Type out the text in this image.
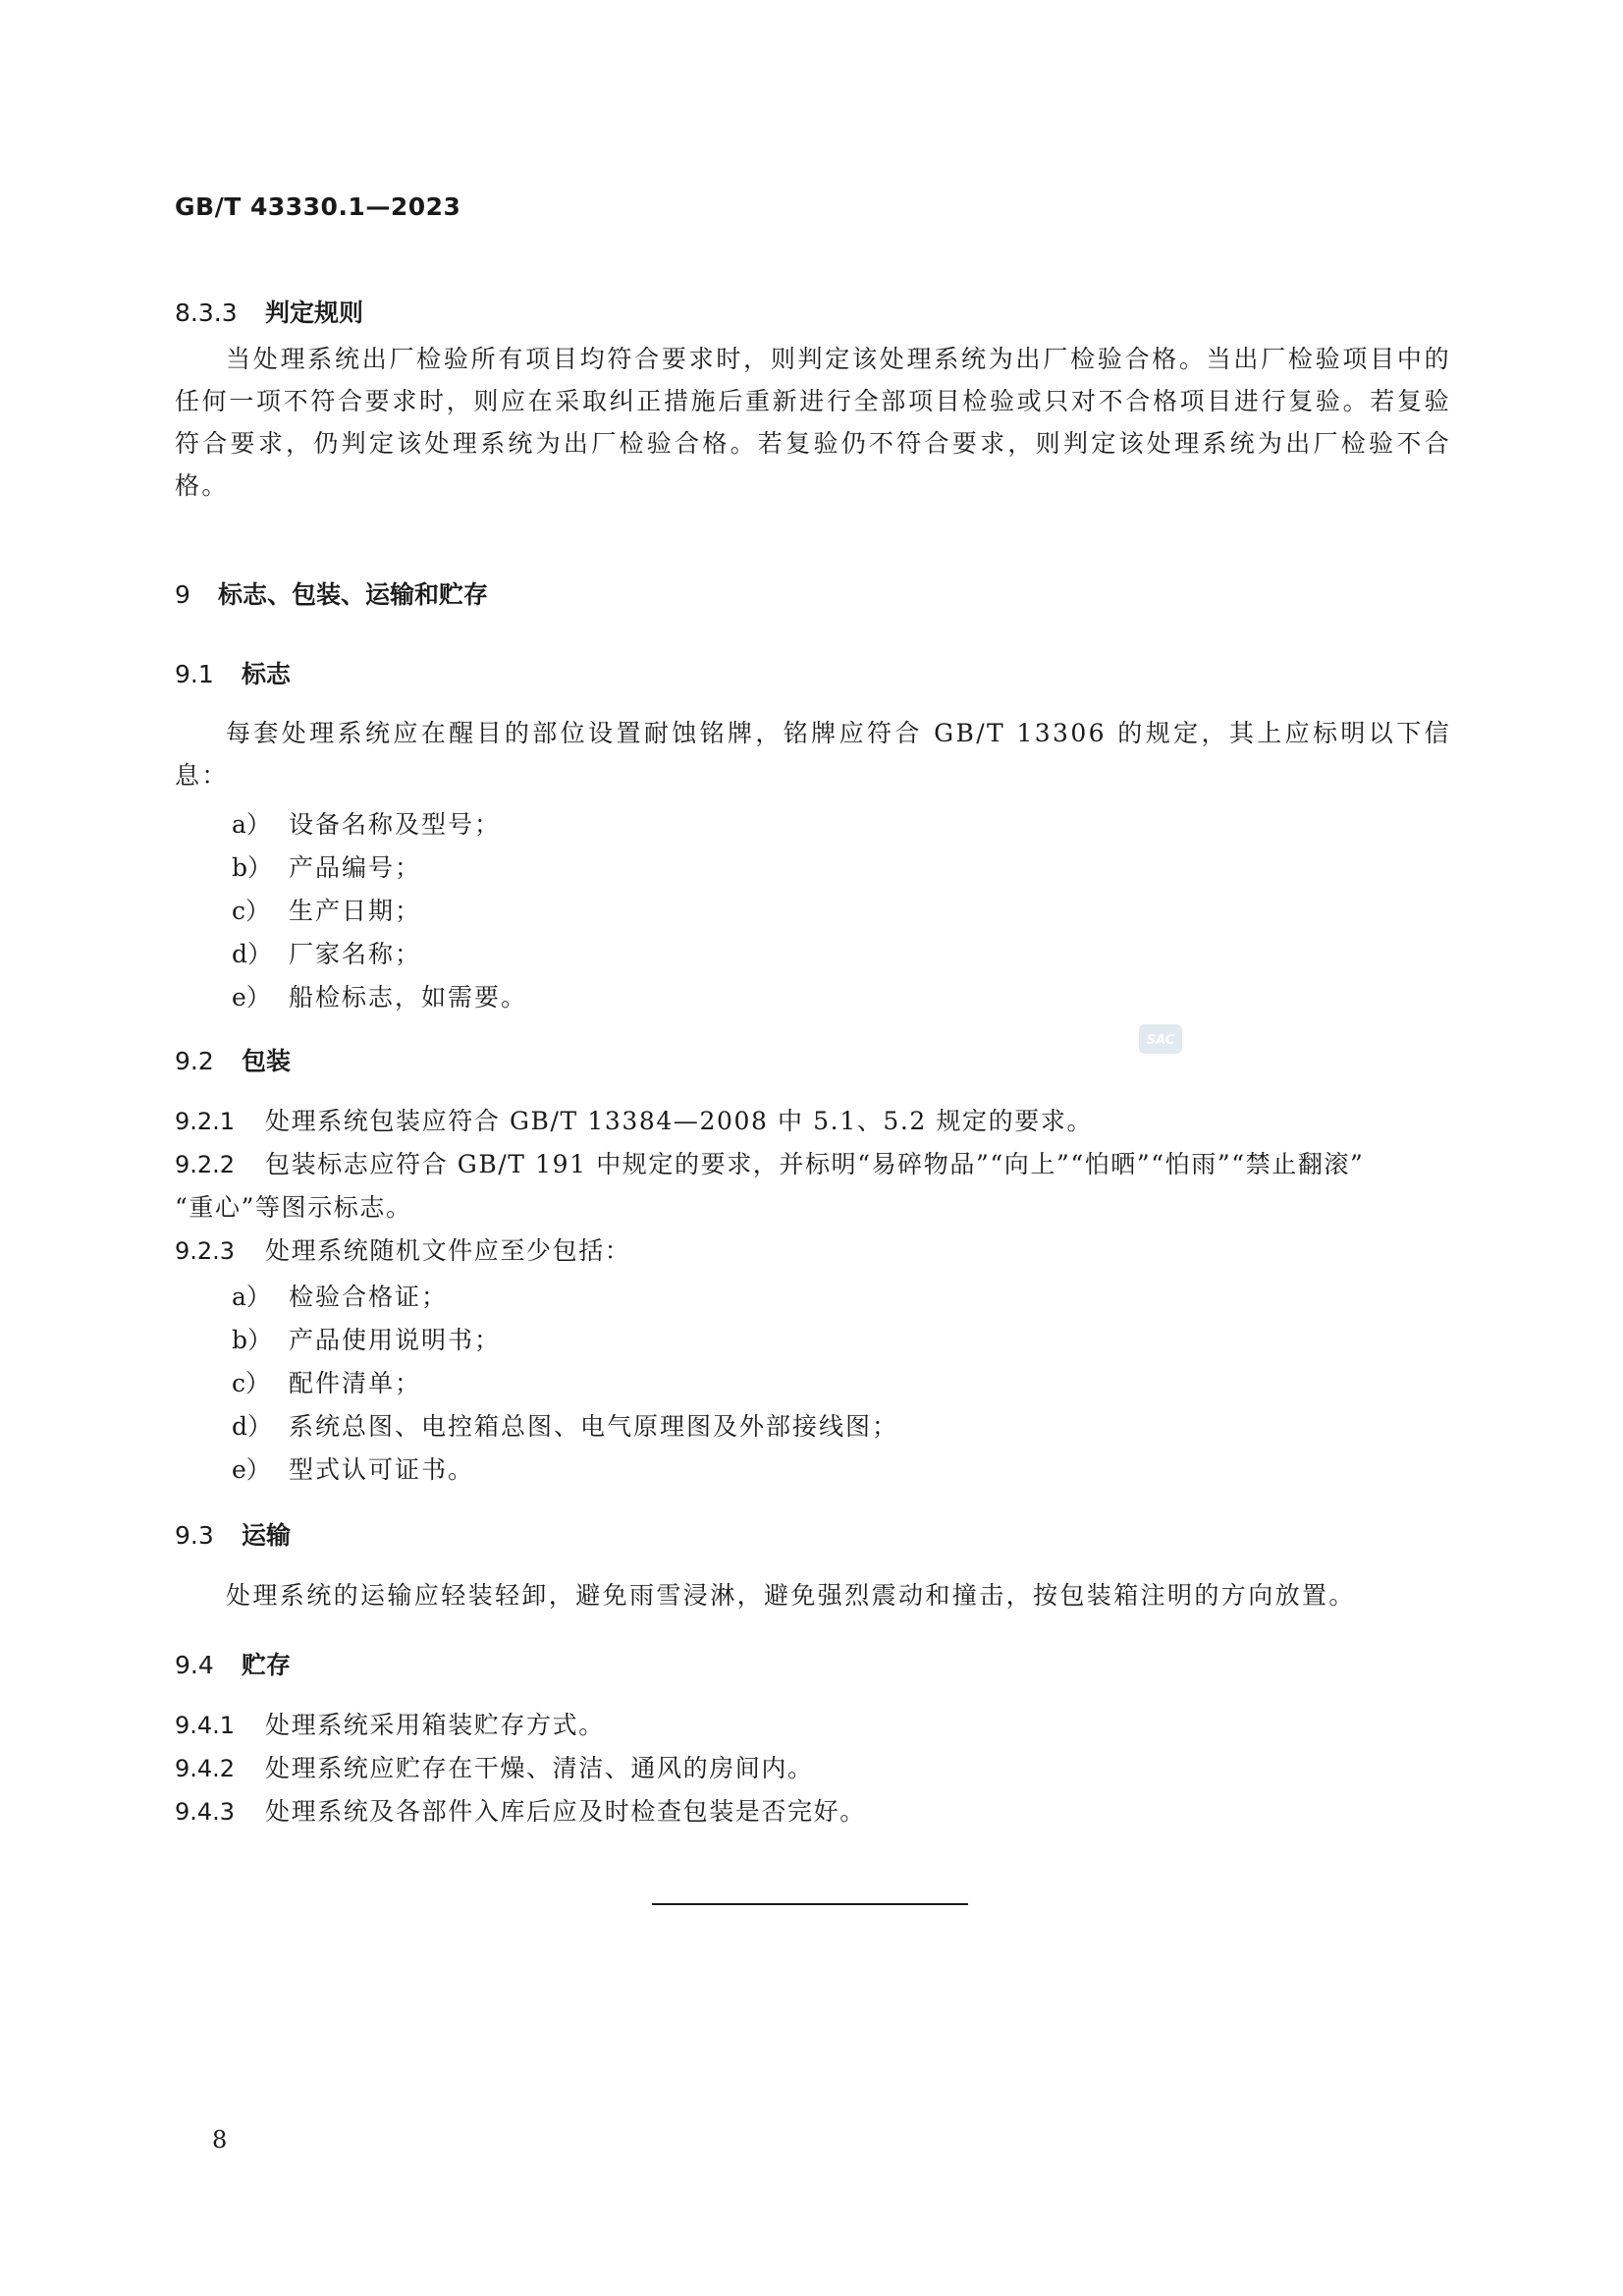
GB/T 43330.1—2023
8.3.3 判定规则
当处理系统出厂检验所有项目均符合要求时，则判定该处理系统为出厂检验合格。当出厂检验项目中的任何一项不符合要求时，则应在采取纠正措施后重新进行全部项目检验或只对不合格项目进行复验。若复验符合要求，仍判定该处理系统为出厂检验合格。若复验仍不符合要求，则判定该处理系统为出厂检验不合格。
9 标志、包装、运输和贮存
9.1 标志
每套处理系统应在醒目的部位设置耐蚀铭牌，铭牌应符合 GB/T 13306 的规定，其上应标明以下信息：
a） 设备名称及型号；
b） 产品编号；
c） 生产日期；
d） 厂家名称；
e） 船检标志，如需要。
SAC
9.2 包装
9.2.1 处理系统包装应符合 GB/T 13384—2008 中 5.1、5.2 规定的要求。
9.2.2 包装标志应符合 GB/T 191 中规定的要求，并标明“易碎物品”“向上”“怕晒”“怕雨”“禁止翻滚”
“重心”等图示标志。
9.2.3 处理系统随机文件应至少包括：
a） 检验合格证；
b） 产品使用说明书；
c） 配件清单；
d） 系统总图、电控箱总图、电气原理图及外部接线图；
e） 型式认可证书。
9.3 运输
处理系统的运输应轻装轻卸，避免雨雪浸淋，避免强烈震动和撞击，按包装箱注明的方向放置。
9.4 贮存
9.4.1 处理系统采用箱装贮存方式。
9.4.2 处理系统应贮存在干燥、清洁、通风的房间内。
9.4.3 处理系统及各部件入库后应及时检查包装是否完好。
8
